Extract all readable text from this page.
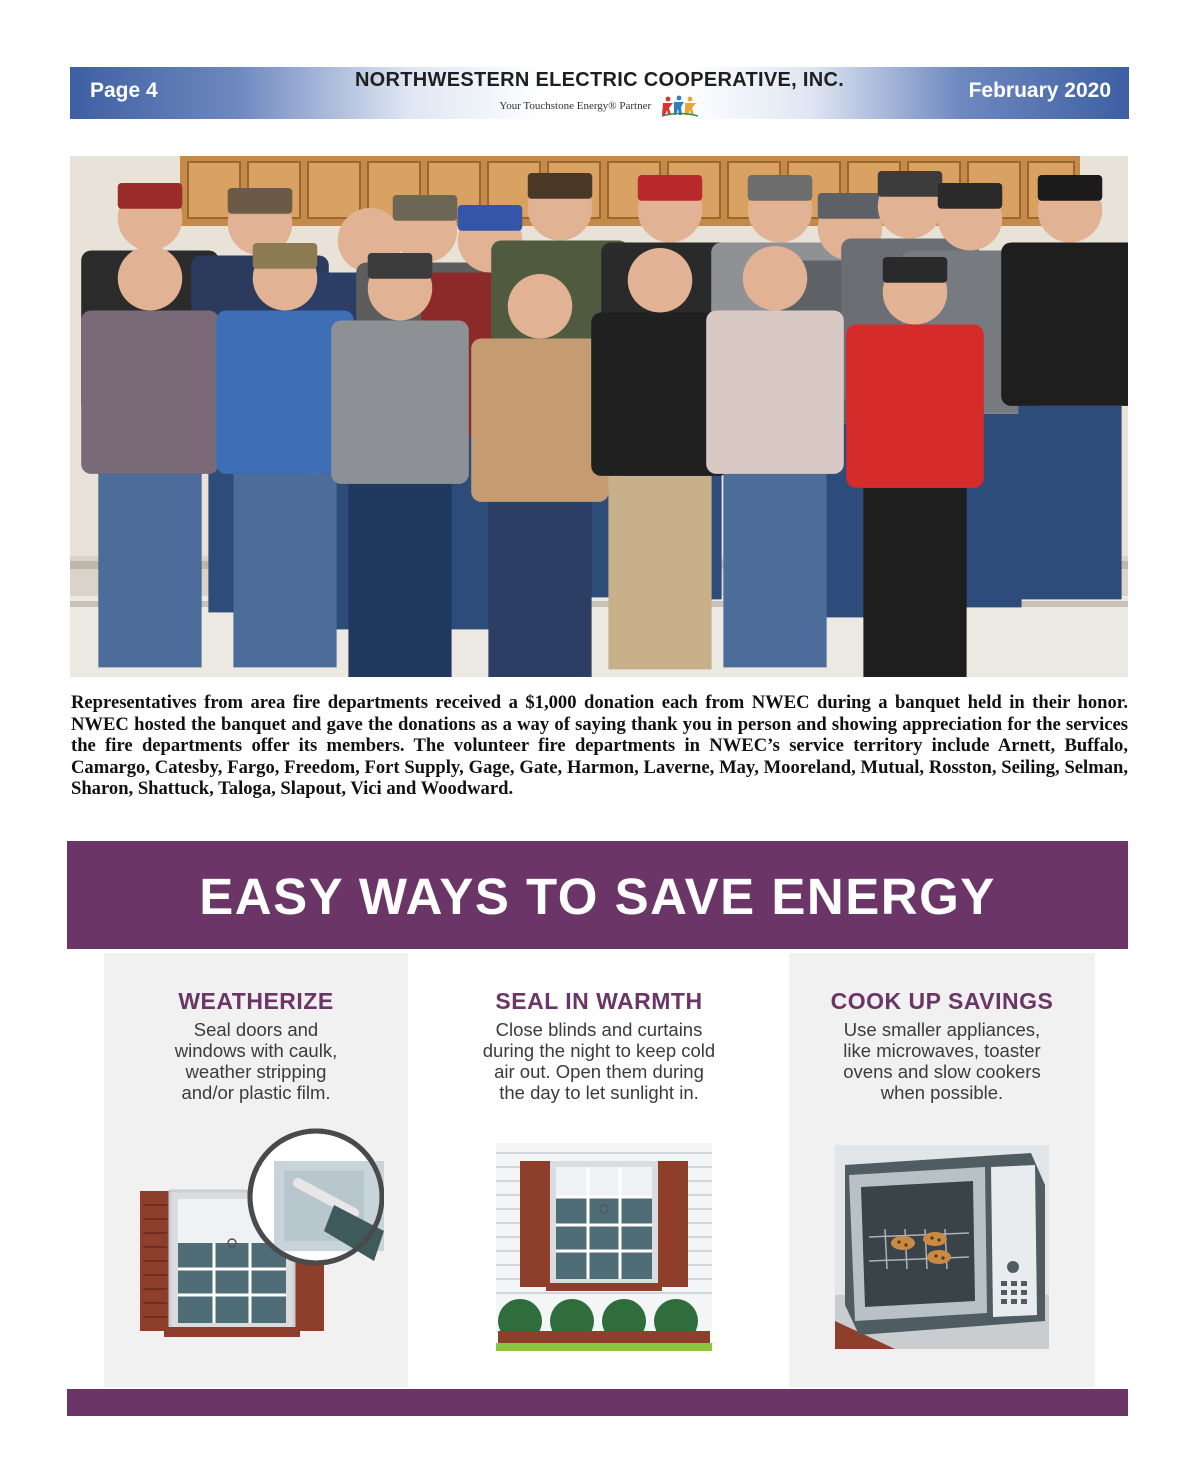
Page 4	NORTHWESTERN ELECTRIC COOPERATIVE, INC.
Your Touchstone Energy® Partner
February 2020

Representatives from area fire departments received a $1,000 donation each from NWEC during a banquet held in their honor. NWEC hosted the banquet and gave the donations as a way of saying thank you in person and showing appreciation for the services the fire departments offer its members. The volunteer fire departments in NWEC’s service territory include Arnett, Buffalo, Camargo, Catesby, Fargo, Freedom, Fort Supply, Gage, Gate, Harmon, Laverne, May, Mooreland, Mutual, Rosston, Seiling, Selman, Sharon, Shattuck, Taloga, Slapout, Vici and Woodward.

EASY WAYS TO SAVE ENERGY
WEATHERIZE

Seal doors and
windows with caulk,
weather stripping
and/or plastic film.

SEAL IN WARMTH

Close blinds and curtains
during the night to keep cold
air out. Open them during
the day to let sunlight in.

COOK UP SAVINGS

Use smaller appliances,
like microwaves, toaster
ovens and slow cookers
when possible.
